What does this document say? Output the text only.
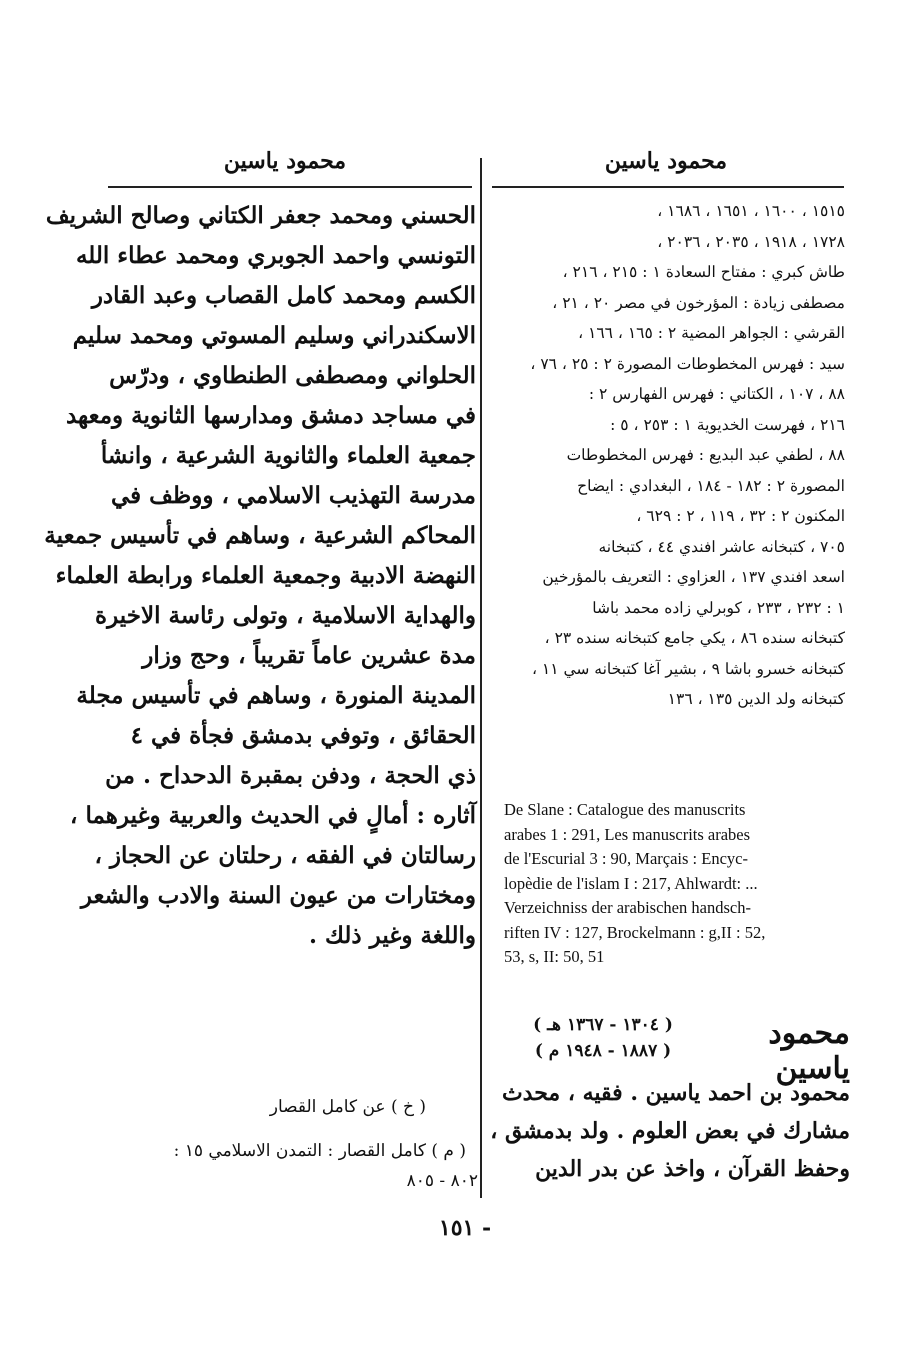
محمود ياسين
محمود ياسين
١٥١٥ ، ١٦٠٠ ، ١٦٥١ ، ١٦٨٦ ،
١٧٢٨ ، ١٩١٨ ، ٢٠٣٥ ، ٢٠٣٦ ،
طاش كبري : مفتاح السعادة ١ : ٢١٥ ، ٢١٦ ،
مصطفى زيادة : المؤرخون في مصر ٢٠ ، ٢١ ،
القرشي : الجواهر المضية ٢ : ١٦٥ ، ١٦٦ ،
سيد : فهرس المخطوطات المصورة ٢ : ٢٥ ، ٧٦ ،
٨٨ ، ١٠٧ ، الكتاني : فهرس الفهارس ٢ :
٢١٦ ، فهرست الخديوية ١ : ٢٥٣ ، ٥ :
٨٨ ، لطفي عبد البديع : فهرس المخطوطات
المصورة ٢ : ١٨٢ - ١٨٤ ، البغدادي : ايضاح
المكنون ٢ : ٣٢ ، ١١٩ ، ٢ : ٦٢٩ ،
٧٠٥ ، كتبخانه عاشر افندي ٤٤ ، كتبخانه
اسعد افندي ١٣٧ ، العزاوي : التعريف بالمؤرخين
١ : ٢٣٢ ، ٢٣٣ ، كوبرلي زاده محمد باشا
كتبخانه سنده ٨٦ ، يكي جامع كتبخانه سنده ٢٣ ،
كتبخانه خسرو باشا ٩ ، بشير آغا كتبخانه سي ١١ ،
كتبخانه ولد الدين ١٣٥ ، ١٣٦
De Slane : Catalogue des manuscrits
arabes 1 : 291, Les manuscrits arabes
de l'Escurial 3 : 90, Marçais : Encyc-
lopèdie de l'islam I : 217, Ahlwardt: ...
Verzeichniss der arabischen handsch-
riften IV : 127, Brockelmann : g,II : 52,
53, s, II: 50, 51
محمود ياسين
( ١٣٠٤ - ١٣٦٧ هـ )
( ١٨٨٧ - ١٩٤٨ م )
محمود بن احمد ياسين . فقيه ، محدث
مشارك في بعض العلوم . ولد بدمشق ،
وحفظ القرآن ، واخذ عن بدر الدين
الحسني ومحمد جعفر الكتاني وصالح الشريف
التونسي واحمد الجوبري ومحمد عطاء الله
الكسم ومحمد كامل القصاب وعبد القادر
الاسكندراني وسليم المسوتي ومحمد سليم
الحلواني ومصطفى الطنطاوي ، ودرّس
في مساجد دمشق ومدارسها الثانوية ومعهد
جمعية العلماء والثانوية الشرعية ، وانشأ
مدرسة التهذيب الاسلامي ، ووظف في
المحاكم الشرعية ، وساهم في تأسيس جمعية
النهضة الادبية وجمعية العلماء ورابطة العلماء
والهداية الاسلامية ، وتولى رئاسة الاخيرة
مدة عشرين عاماً تقريباً ، وحج وزار
المدينة المنورة ، وساهم في تأسيس مجلة
الحقائق ، وتوفي بدمشق فجأة في ٤
ذي الحجة ، ودفن بمقبرة الدحداح . من
آثاره : أمالٍ في الحديث والعربية وغيرهما ،
رسالتان في الفقه ، رحلتان عن الحجاز ،
ومختارات من عيون السنة والادب والشعر
واللغة وغير ذلك .
( خ ) عن كامل القصار
( م ) كامل القصار : التمدن الاسلامي ١٥ :
٨٠٢ - ٨٠٥
- ١٥١
